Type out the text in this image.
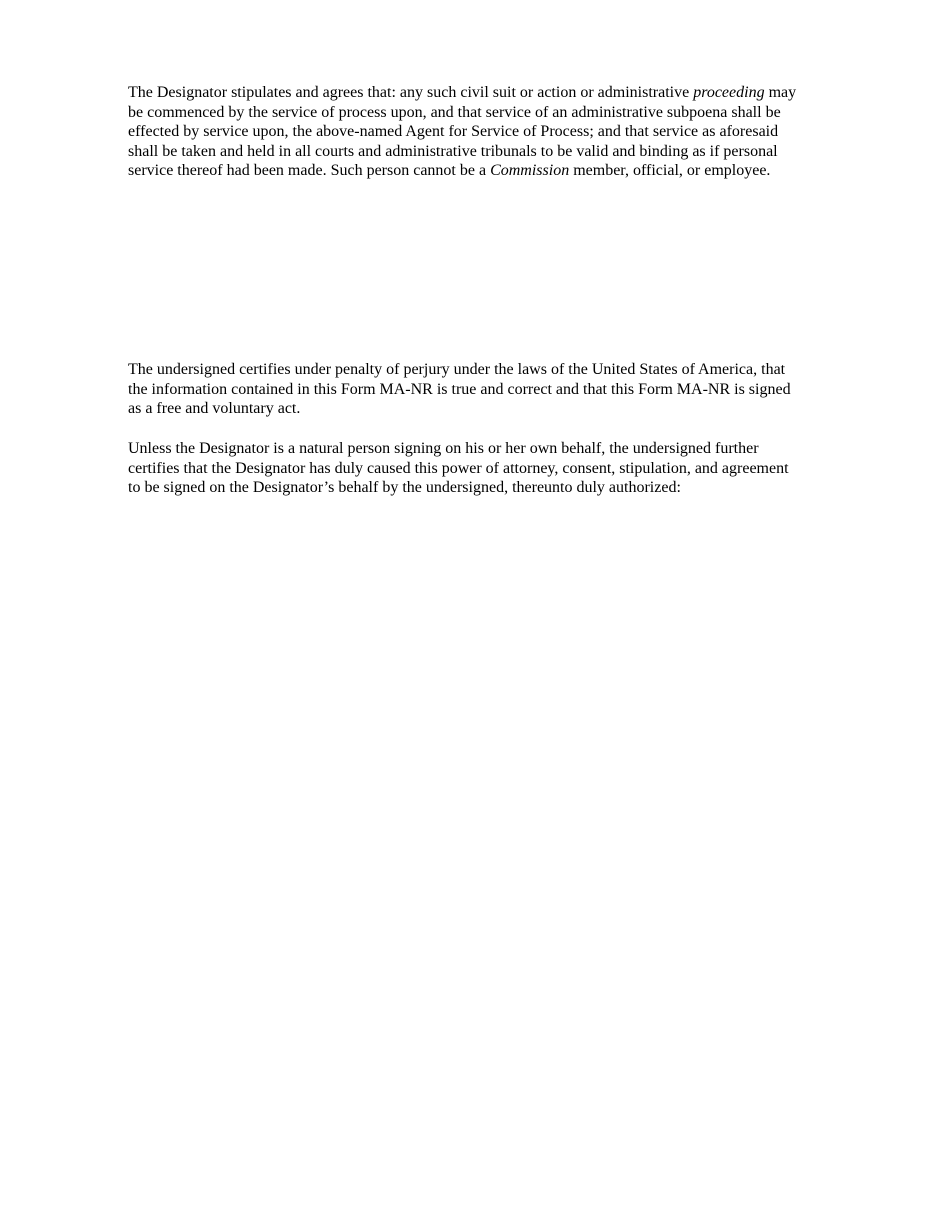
The Designator stipulates and agrees that: any such civil suit or action or administrative proceeding may
be commenced by the service of process upon, and that service of an administrative subpoena shall be
effected by service upon, the above-named Agent for Service of Process; and that service as aforesaid
shall be taken and held in all courts and administrative tribunals to be valid and binding as if personal
service thereof had been made. Such person cannot be a Commission member, official, or employee.
The undersigned certifies under penalty of perjury under the laws of the United States of America, that
the information contained in this Form MA-NR is true and correct and that this Form MA-NR is signed
as a free and voluntary act.
Unless the Designator is a natural person signing on his or her own behalf, the undersigned further
certifies that the Designator has duly caused this power of attorney, consent, stipulation, and agreement
to be signed on the Designator’s behalf by the undersigned, thereunto duly authorized:
